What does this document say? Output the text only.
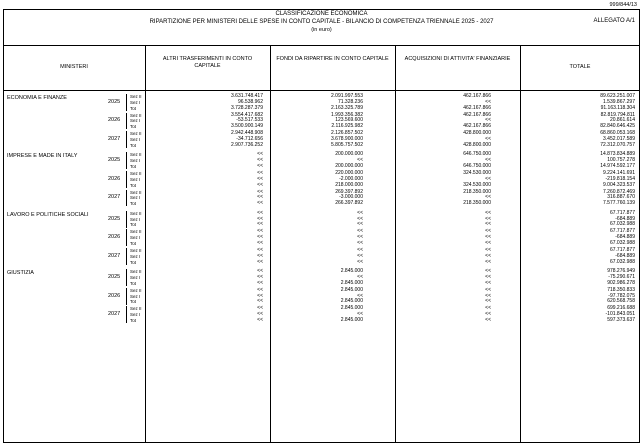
999/844/13
CLASSIFICAZIONE ECONOMICA
RIPARTIZIONE PER MINISTERI DELLE SPESE IN CONTO CAPITALE - BILANCIO DI COMPETENZA TRIENNALE 2025 - 2027
(in euro)
ALLEGATO A/1
MINISTERI
ALTRI TRASFERIMENTI IN CONTO CAPITALE
FONDI DA RIPARTIRE IN CONTO CAPITALE	ACQUISIZIONI DI ATTIVITA' FINANZIARIE
TOTALE
ECONOMIA E FINANZE	Sez II	3.631.748.417	2.091.997.553	462.167.866	89.623.251.007
Sez I	96.538.962	71.328.236	<<	1.539.867.297
Tot	3.728.287.379	2.163.325.789	462.167.866	91.163.118.304
2025
Sez II	3.554.417.682	1.993.356.382	462.167.866	82.819.794.811
Sez I	-53.517.533	123.569.600	<<	20.861.614
Tot	3.500.900.149	2.116.925.982	462.167.866	82.840.646.425
2026
Sez II	2.942.448.908	2.126.857.502	428.800.000	68.860.053.168
Sez I	-34.712.656	3.678.900.000	<<	3.452.017.589
Tot	2.907.736.252	5.805.757.502	428.800.000	72.312.070.757
2027
IMPRESE E MADE IN ITALY	Sez II	<<	200.000.000	646.750.000	14.873.834.889
Sez I	<<	<<	<<	100.757.278
Tot	<<	200.000.000	646.750.000	14.974.592.177
2025
Sez II	<<	220.000.000	324.530.000	9.224.141.691
Sez I	<<	-2.000.000	<<	-219.818.154
Tot	<<	218.000.000	324.530.000	9.004.323.537
2026
Sez II	<<	269.397.892	218.350.000	7.260.872.469
Sez I	<<	-3.000.000	<<	316.887.670
Tot	<<	266.397.892	218.350.000	7.577.760.139
2027
LAVORO E POLITICHE SOCIALI	Sez II	<<	<<	<<	67.717.877
Sez I	<<	<<	<<	-684.889
Tot	<<	<<	<<	67.032.988
2025
Sez II	<<	<<	<<	67.717.877
Sez I	<<	<<	<<	-684.889
Tot	<<	<<	<<	67.032.988
2026
Sez II	<<	<<	<<	67.717.877
Sez I	<<	<<	<<	-684.889
Tot	<<	<<	<<	67.032.988
2027
GIUSTIZIA	Sez II	<<	2.845.000	<<	978.276.949
Sez I	<<	<<	<<	-75.290.671
Tot	<<	2.845.000	<<	902.986.278
2025
Sez II	<<	2.845.000	<<	718.350.833
Sez I	<<	<<	<<	-97.782.075
Tot	<<	2.845.000	<<	620.568.758
2026
Sez II	<<	2.845.000	<<	699.216.688
Sez I	<<	<<	<<	-101.843.051
Tot	<<	2.845.000	<<	597.373.637
2027
